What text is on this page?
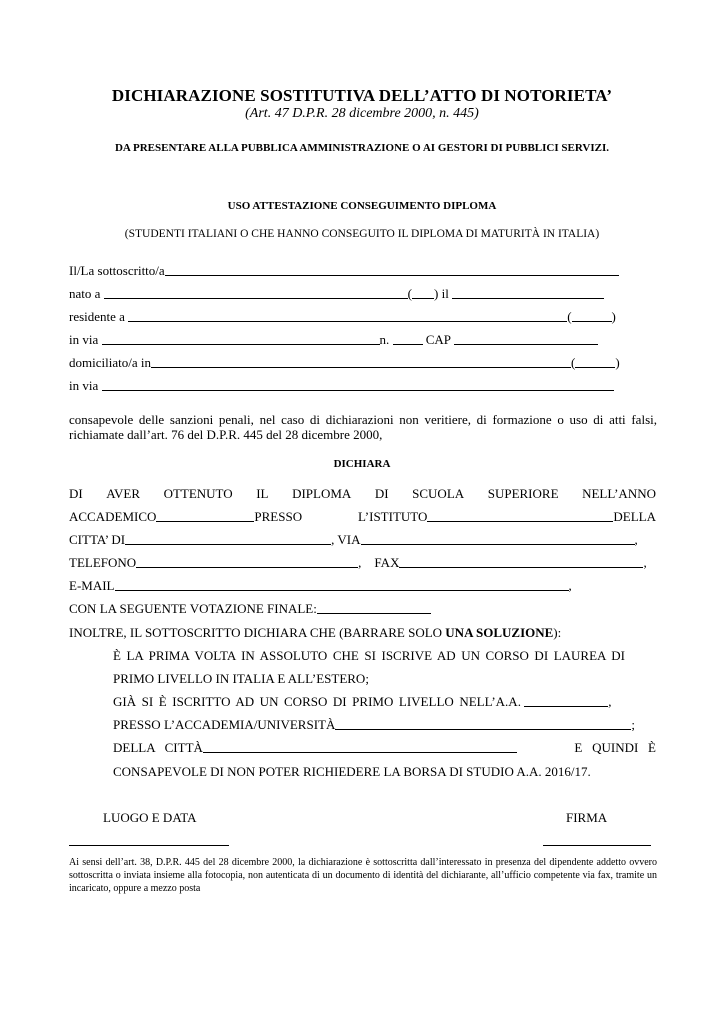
DICHIARAZIONE SOSTITUTIVA DELL’ATTO DI NOTORIETA’
(Art. 47 D.P.R. 28 dicembre 2000, n. 445)
DA PRESENTARE ALLA PUBBLICA AMMINISTRAZIONE O AI GESTORI DI PUBBLICI SERVIZI.
USO ATTESTAZIONE CONSEGUIMENTO DIPLOMA
(STUDENTI ITALIANI O CHE HANNO CONSEGUITO IL DIPLOMA DI MATURITÀ IN ITALIA)
Il/La sottoscritto/a
nato a	( ) il
residente a	(	)
in via	n.	CAP
domiciliato/a in	(	)
in via
consapevole delle sanzioni penali, nel caso di dichiarazioni non veritiere, di formazione o uso di atti falsi, richiamate dall’art. 76 del D.P.R. 445 del 28 dicembre 2000,
DICHIARA
DI AVER OTTENUTO IL DIPLOMA DI SCUOLA SUPERIORE NELL’ANNO
ACCADEMICO	PRESSO	L’ISTITUTO	DELLA
CITTA’ DI	, VIA	,
TELEFONO	,    FAX	,
E-MAIL	,
CON LA SEGUENTE VOTAZIONE FINALE:
INOLTRE, IL SOTTOSCRITTO DICHIARA CHE (BARRARE SOLO UNA SOLUZIONE):
È LA PRIMA VOLTA IN ASSOLUTO CHE SI ISCRIVE AD UN CORSO DI LAUREA DI
PRIMO LIVELLO IN ITALIA E ALL’ESTERO;
GIÀ SI È ISCRITTO AD UN CORSO DI PRIMO LIVELLO NELL’A.A.	,
PRESSO L’ACCADEMIA/UNIVERSITÀ	;
DELLA   CITTÀ	E   QUINDI   È
CONSAPEVOLE DI NON POTER RICHIEDERE LA BORSA DI STUDIO A.A. 2016/17.
LUOGO E DATA	FIRMA
Ai sensi dell’art. 38, D.P.R. 445 del 28 dicembre 2000, la dichiarazione è sottoscritta dall’interessato in presenza del dipendente addetto ovvero sottoscritta o inviata insieme alla fotocopia, non autenticata di un documento di identità del dichiarante, all’ufficio competente via fax, tramite un incaricato, oppure a mezzo posta
